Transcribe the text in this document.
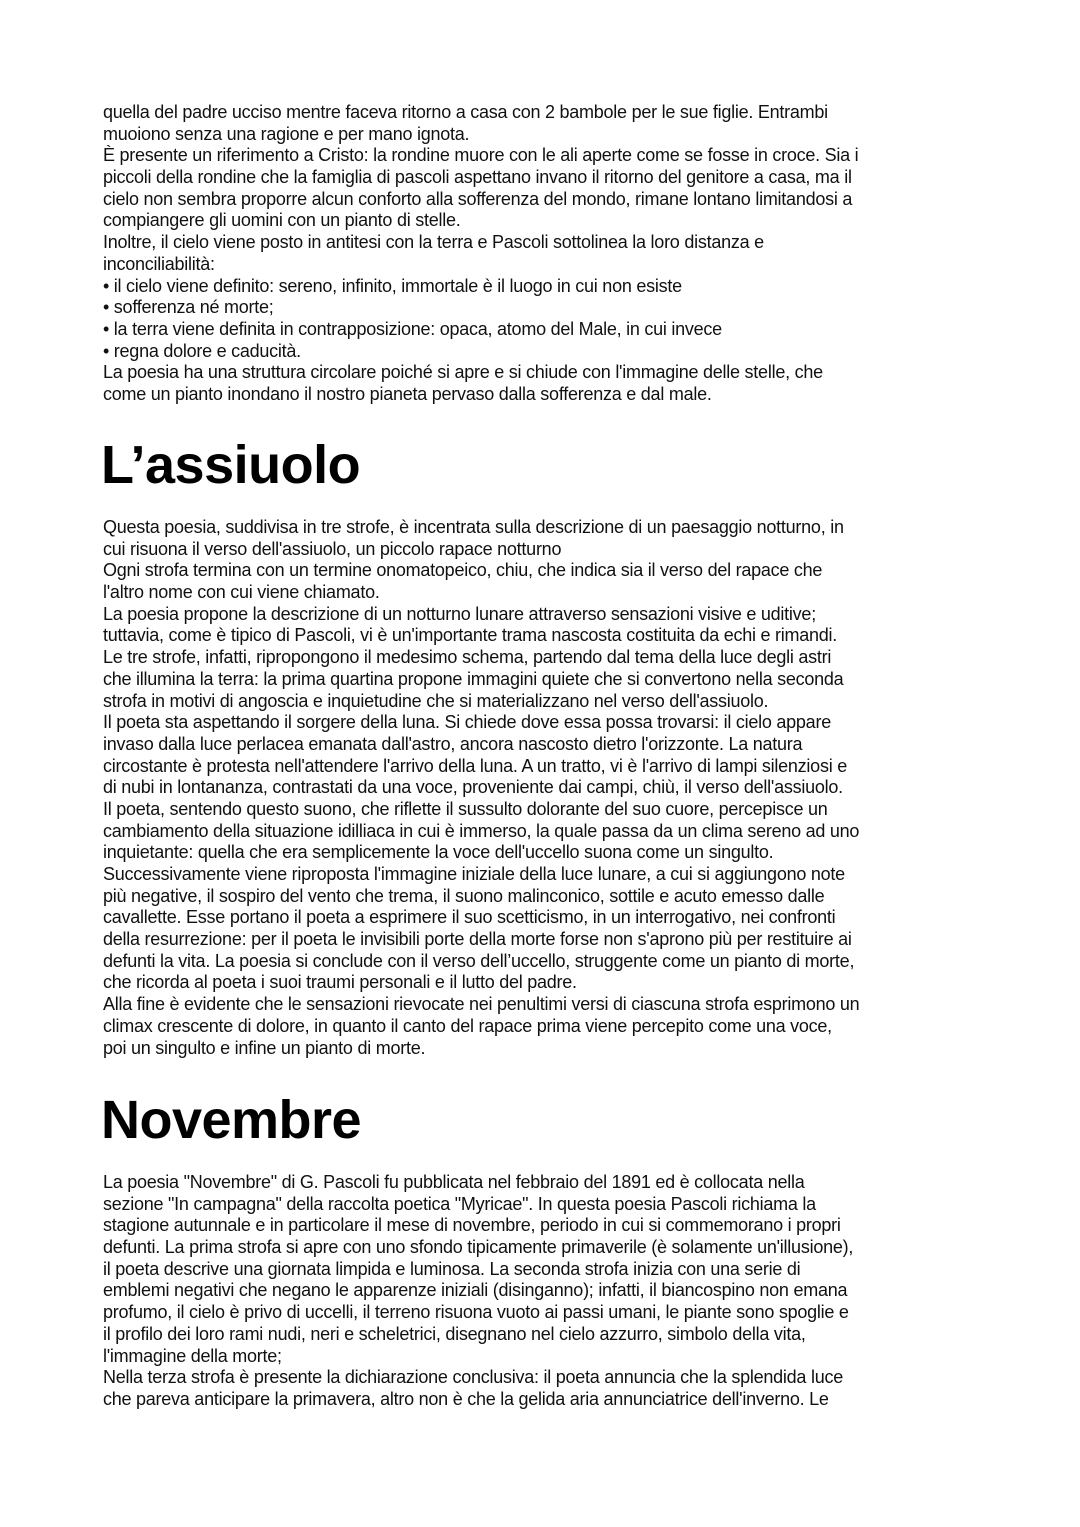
quella del padre ucciso mentre faceva ritorno a casa con 2 bambole per le sue figlie. Entrambi
muoiono senza una ragione e per mano ignota.
È presente un riferimento a Cristo: la rondine muore con le ali aperte come se fosse in croce. Sia i
piccoli della rondine che la famiglia di pascoli aspettano invano il ritorno del genitore a casa, ma il
cielo non sembra proporre alcun conforto alla sofferenza del mondo, rimane lontano limitandosi a
compiangere gli uomini con un pianto di stelle.
Inoltre, il cielo viene posto in antitesi con la terra e Pascoli sottolinea la loro distanza e
inconciliabilità:
• il cielo viene definito: sereno, infinito, immortale è il luogo in cui non esiste
• sofferenza né morte;
• la terra viene definita in contrapposizione: opaca, atomo del Male, in cui invece
• regna dolore e caducità.
La poesia ha una struttura circolare poiché si apre e si chiude con l'immagine delle stelle, che
come un pianto inondano il nostro pianeta pervaso dalla sofferenza e dal male.
L’assiuolo
Questa poesia, suddivisa in tre strofe, è incentrata sulla descrizione di un paesaggio notturno, in
cui risuona il verso dell'assiuolo, un piccolo rapace notturno
Ogni strofa termina con un termine onomatopeico, chiu, che indica sia il verso del rapace che
l'altro nome con cui viene chiamato.
La poesia propone la descrizione di un notturno lunare attraverso sensazioni visive e uditive;
tuttavia, come è tipico di Pascoli, vi è un'importante trama nascosta costituita da echi e rimandi.
Le tre strofe, infatti, ripropongono il medesimo schema, partendo dal tema della luce degli astri
che illumina la terra: la prima quartina propone immagini quiete che si convertono nella seconda
strofa in motivi di angoscia e inquietudine che si materializzano nel verso dell'assiuolo.
Il poeta sta aspettando il sorgere della luna. Si chiede dove essa possa trovarsi: il cielo appare
invaso dalla luce perlacea emanata dall'astro, ancora nascosto dietro l'orizzonte. La natura
circostante è protesta nell'attendere l'arrivo della luna. A un tratto, vi è l'arrivo di lampi silenziosi e
di nubi in lontananza, contrastati da una voce, proveniente dai campi, chiù, il verso dell'assiuolo.
Il poeta, sentendo questo suono, che riflette il sussulto dolorante del suo cuore, percepisce un
cambiamento della situazione idilliaca in cui è immerso, la quale passa da un clima sereno ad uno
inquietante: quella che era semplicemente la voce dell'uccello suona come un singulto.
Successivamente viene riproposta l'immagine iniziale della luce lunare, a cui si aggiungono note
più negative, il sospiro del vento che trema, il suono malinconico, sottile e acuto emesso dalle
cavallette. Esse portano il poeta a esprimere il suo scetticismo, in un interrogativo, nei confronti
della resurrezione: per il poeta le invisibili porte della morte forse non s'aprono più per restituire ai
defunti la vita. La poesia si conclude con il verso dell’uccello, struggente come un pianto di morte,
che ricorda al poeta i suoi traumi personali e il lutto del padre.
Alla fine è evidente che le sensazioni rievocate nei penultimi versi di ciascuna strofa esprimono un
climax crescente di dolore, in quanto il canto del rapace prima viene percepito come una voce,
poi un singulto e infine un pianto di morte.
Novembre
La poesia "Novembre" di G. Pascoli fu pubblicata nel febbraio del 1891 ed è collocata nella
sezione "In campagna" della raccolta poetica "Myricae". In questa poesia Pascoli richiama la
stagione autunnale e in particolare il mese di novembre, periodo in cui si commemorano i propri
defunti. La prima strofa si apre con uno sfondo tipicamente primaverile (è solamente un'illusione),
il poeta descrive una giornata limpida e luminosa. La seconda strofa inizia con una serie di
emblemi negativi che negano le apparenze iniziali (disinganno); infatti, il biancospino non emana
profumo, il cielo è privo di uccelli, il terreno risuona vuoto ai passi umani, le piante sono spoglie e
il profilo dei loro rami nudi, neri e scheletrici, disegnano nel cielo azzurro, simbolo della vita,
l'immagine della morte;
Nella terza strofa è presente la dichiarazione conclusiva: il poeta annuncia che la splendida luce
che pareva anticipare la primavera, altro non è che la gelida aria annunciatrice dell'inverno. Le
